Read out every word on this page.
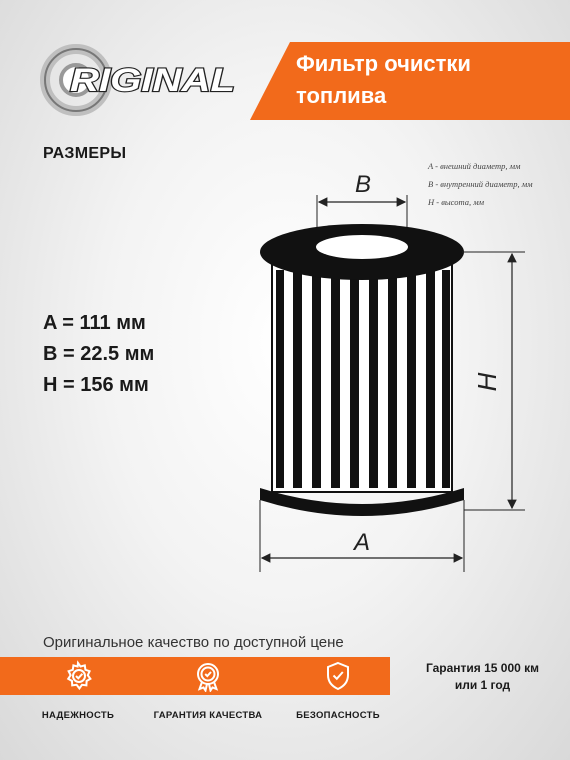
RIGINAL	Фильтр очистки
топлива
РАЗМЕРЫ
A - внешний диаметр, мм
B - внутренний диаметр, мм
H - высота, мм
A = 111 мм
B = 22.5 мм
H = 156 мм
B
H
A
Оригинальное качество по доступной цене
НАДЕЖНОСТЬ	ГАРАНТИЯ КАЧЕСТВА	БЕЗОПАСНОСТЬ
Гарантия 15 000 км
или 1 год
